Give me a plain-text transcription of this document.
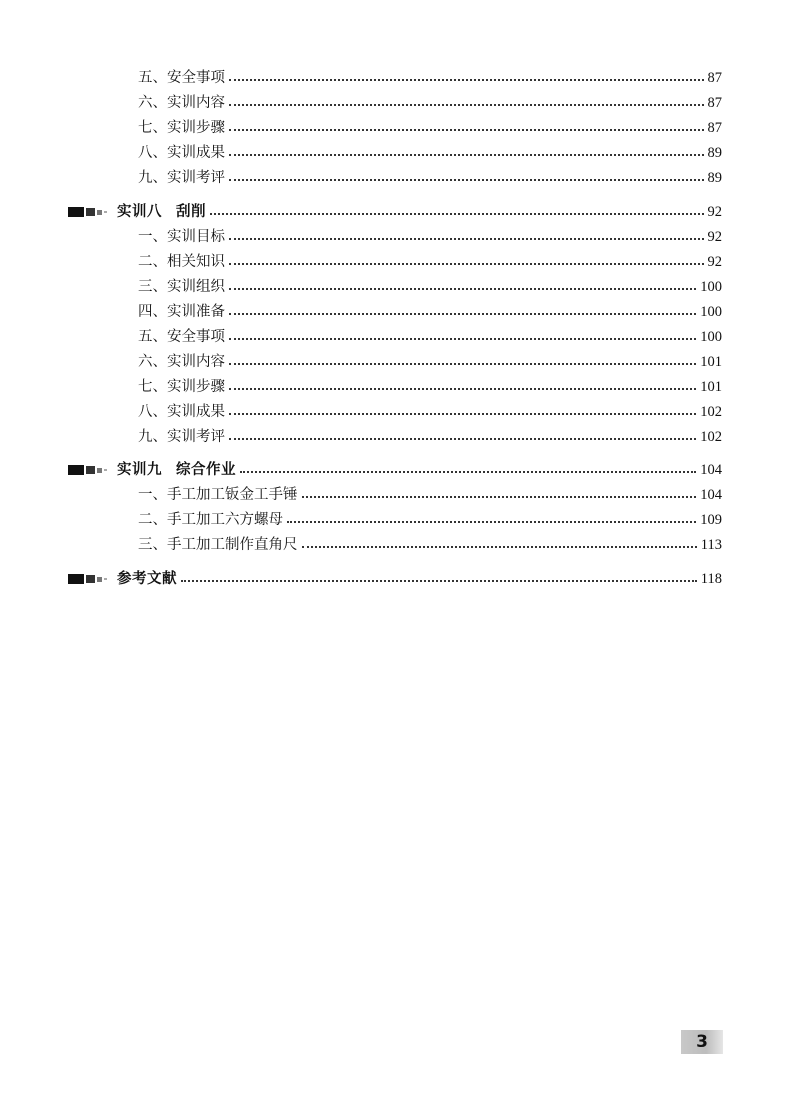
五、安全事项	87
六、实训内容	87
七、实训步骤	87
八、实训成果	89
九、实训考评	89
实训八 刮削	92
一、实训目标	92
二、相关知识	92
三、实训组织	100
四、实训准备	100
五、安全事项	100
六、实训内容	101
七、实训步骤	101
八、实训成果	102
九、实训考评	102
实训九 综合作业	104
一、手工加工钣金工手锤	104
二、手工加工六方螺母	109
三、手工加工制作直角尺	113
参考文献	118
3
